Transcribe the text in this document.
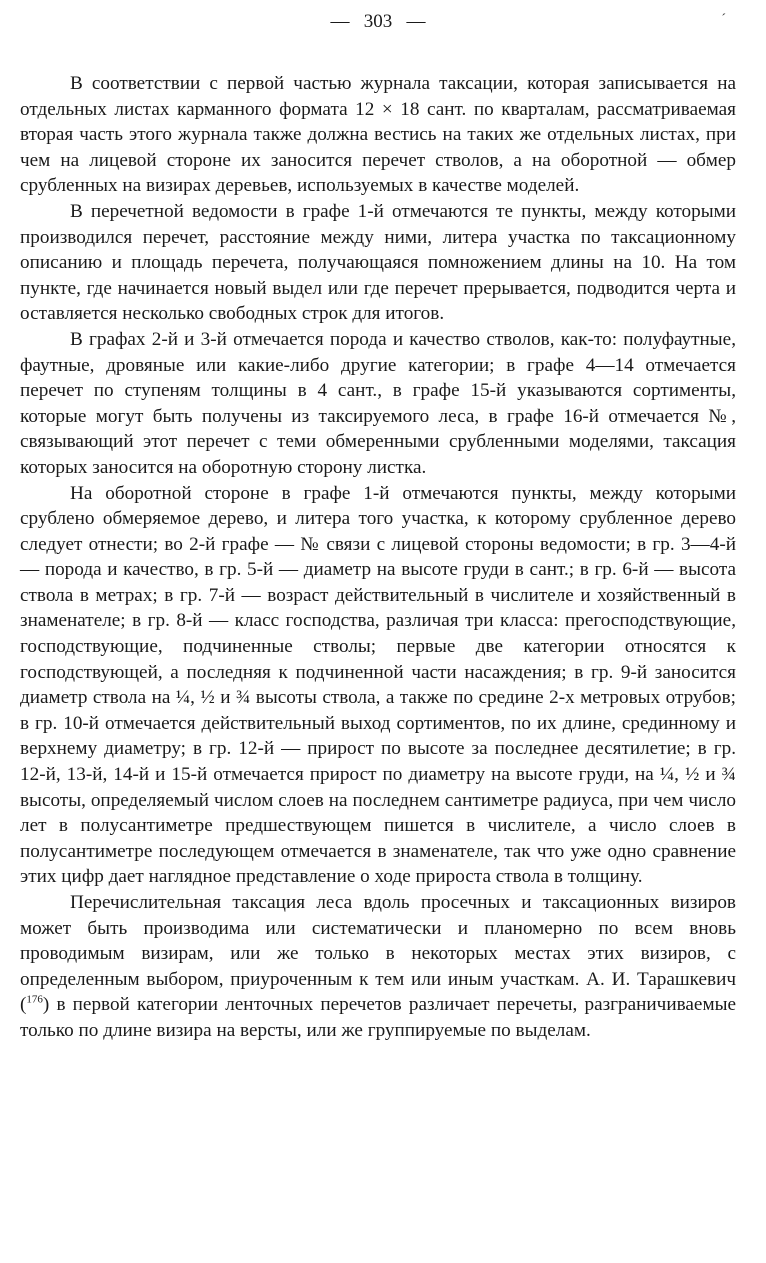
— 303 —

В соответствии с первой частью журнала таксации, которая записывается на отдельных листах карманного формата 12 × 18 сант. по кварталам, рассматриваемая вторая часть этого журнала также должна вестись на таких же отдельных листах, при чем на лицевой стороне их заносится перечет стволов, а на оборотной — обмер срубленных на визирах деревьев, используемых в качестве моделей.

В перечетной ведомости в графе 1-й отмечаются те пункты, между которыми производился перечет, расстояние между ними, литера участка по таксационному описанию и площадь перечета, получающаяся помножением длины на 10. На том пункте, где начинается новый выдел или где перечет прерывается, подводится черта и оставляется несколько свободных строк для итогов.

В графах 2-й и 3-й отмечается порода и качество стволов, как-то: полуфаутные, фаутные, дровяные или какие-либо другие категории; в графе 4—14 отмечается перечет по ступеням толщины в 4 сант., в графе 15-й указываются сортименты, которые могут быть получены из таксируемого леса, в графе 16-й отмечается №, связывающий этот перечет с теми обмеренными срубленными моделями, таксация которых заносится на оборотную сторону листка.

На оборотной стороне в графе 1-й отмечаются пункты, между которыми срублено обмеряемое дерево, и литера того участка, к которому срубленное дерево следует отнести; во 2-й графе — № связи с лицевой стороны ведомости; в гр. 3—4-й — порода и качество, в гр. 5-й — диаметр на высоте груди в сант.; в гр. 6-й — высота ствола в метрах; в гр. 7-й — возраст действительный в числителе и хозяйственный в знаменателе; в гр. 8-й — класс господства, различая три класса: прегосподствующие, господствующие, подчиненные стволы; первые две категории относятся к господствующей, а последняя к подчиненной части насаждения; в гр. 9-й заносится диаметр ствола на ¼, ½ и ¾ высоты ствола, а также по средине 2-х метровых отрубов; в гр. 10-й отмечается действительный выход сортиментов, по их длине, срединному и верхнему диаметру; в гр. 12-й — прирост по высоте за последнее десятилетие; в гр. 12-й, 13-й, 14-й и 15-й отмечается прирост по диаметру на высоте груди, на ¼, ½ и ¾ высоты, определяемый числом слоев на последнем сантиметре радиуса, при чем число лет в полусантиметре предшествующем пишется в числителе, а число слоев в полусантиметре последующем отмечается в знаменателе, так что уже одно сравнение этих цифр дает наглядное представление о ходе прироста ствола в толщину.

Перечислительная таксация леса вдоль просечных и таксационных визиров может быть производима или систематически и планомерно по всем вновь проводимым визирам, или же только в некоторых местах этих визиров, с определенным выбором, приуроченным к тем или иным участкам. А. И. Тарашкевич ($^{176}$) в первой категории ленточных перечетов различает перечеты, разграничиваемые только по длине визира на версты, или же группируемые по выделам.

ˊ
